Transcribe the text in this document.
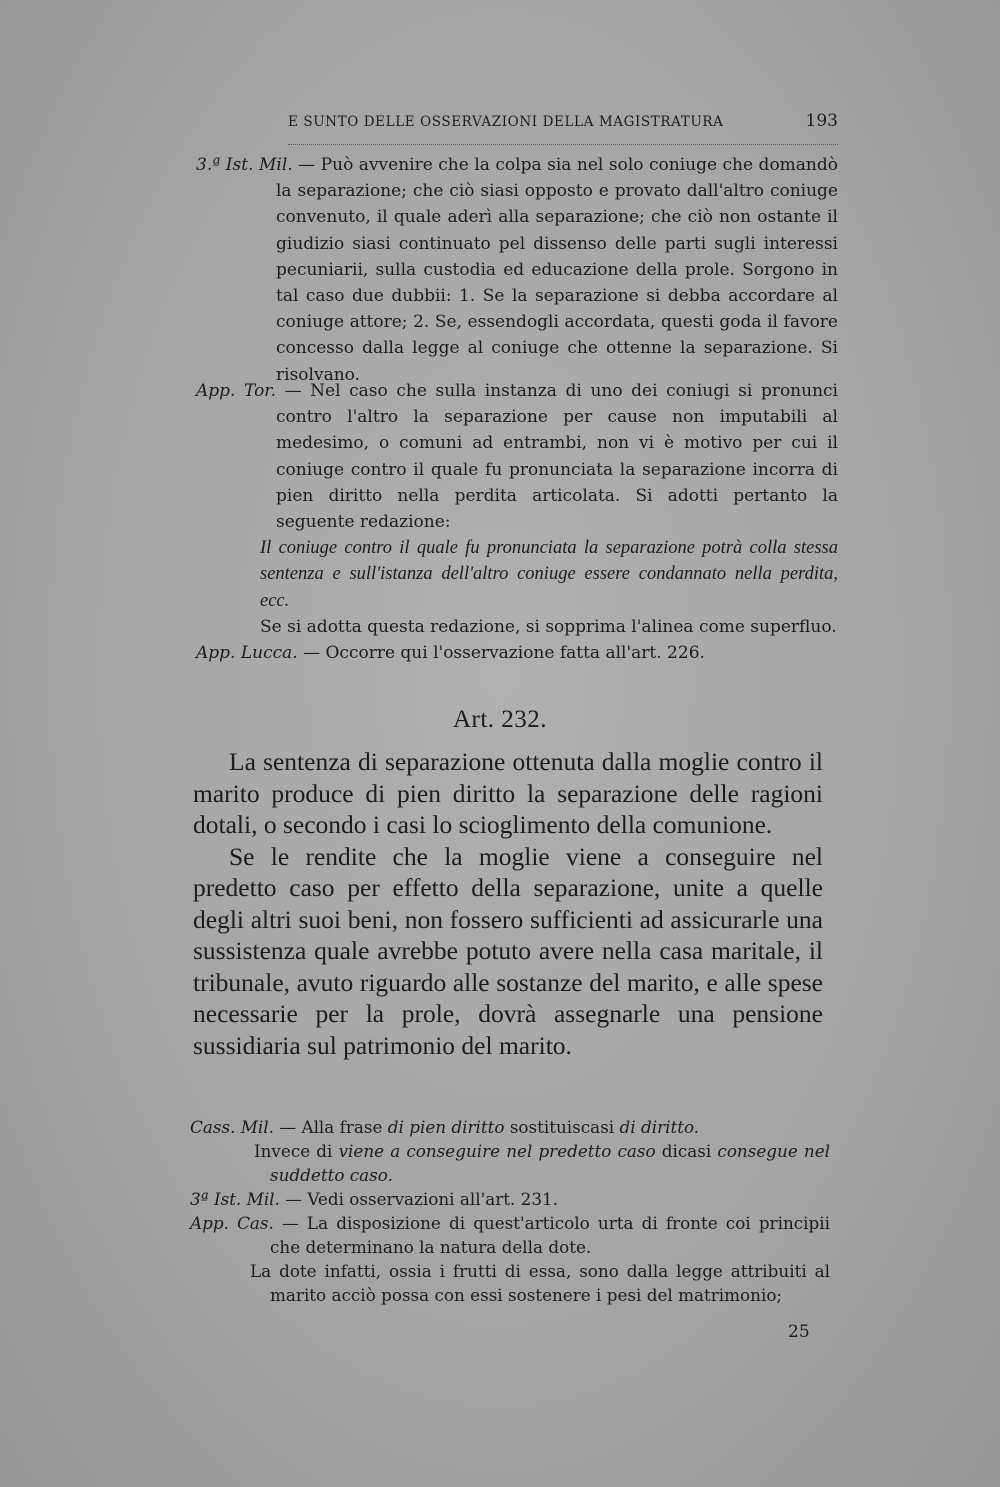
E SUNTO DELLE OSSERVAZIONI DELLA MAGISTRATURA	193

3.ª Ist. Mil. — Può avvenire che la colpa sia nel solo coniuge che domandò la separazione; che ciò siasi opposto e provato dall'altro coniuge convenuto, il quale aderì alla separazione; che ciò non ostante il giudizio siasi continuato pel dissenso delle parti sugli interessi pecuniarii, sulla custodia ed educazione della prole. Sorgono in tal caso due dubbii: 1. Se la separazione si debba accordare al coniuge attore; 2. Se, essendogli accordata, questi goda il favore concesso dalla legge al coniuge che ottenne la separazione. Si risolvano.

App. Tor. — Nel caso che sulla instanza di uno dei coniugi si pronunci contro l'altro la separazione per cause non imputabili al medesimo, o comuni ad entrambi, non vi è motivo per cui il coniuge contro il quale fu pronunciata la separazione incorra di pien diritto nella perdita articolata. Si adotti pertanto la seguente redazione:

Il coniuge contro il quale fu pronunciata la separazione potrà colla stessa sentenza e sull'istanza dell'altro coniuge essere condannato nella perdita, ecc.

Se si adotta questa redazione, si sopprima l'alinea come superfluo.

App. Lucca. — Occorre qui l'osservazione fatta all'art. 226.

Art. 232.

La sentenza di separazione ottenuta dalla moglie contro il marito produce di pien diritto la separazione delle ragioni dotali, o secondo i casi lo scioglimento della comunione.

Se le rendite che la moglie viene a conseguire nel predetto caso per effetto della separazione, unite a quelle degli altri suoi beni, non fossero sufficienti ad assicurarle una sussistenza quale avrebbe potuto avere nella casa maritale, il tribunale, avuto riguardo alle sostanze del marito, e alle spese necessarie per la prole, dovrà assegnarle una pensione sussidiaria sul patrimonio del marito.

Cass. Mil. — Alla frase di pien diritto sostituiscasi di diritto.

Invece di viene a conseguire nel predetto caso dicasi consegue nel suddetto caso.

3ª Ist. Mil. — Vedi osservazioni all'art. 231.

App. Cas. — La disposizione di quest'articolo urta di fronte coi principii che determinano la natura della dote.

La dote infatti, ossia i frutti di essa, sono dalla legge attribuiti al marito acciò possa con essi sostenere i pesi del matrimonio;

25
